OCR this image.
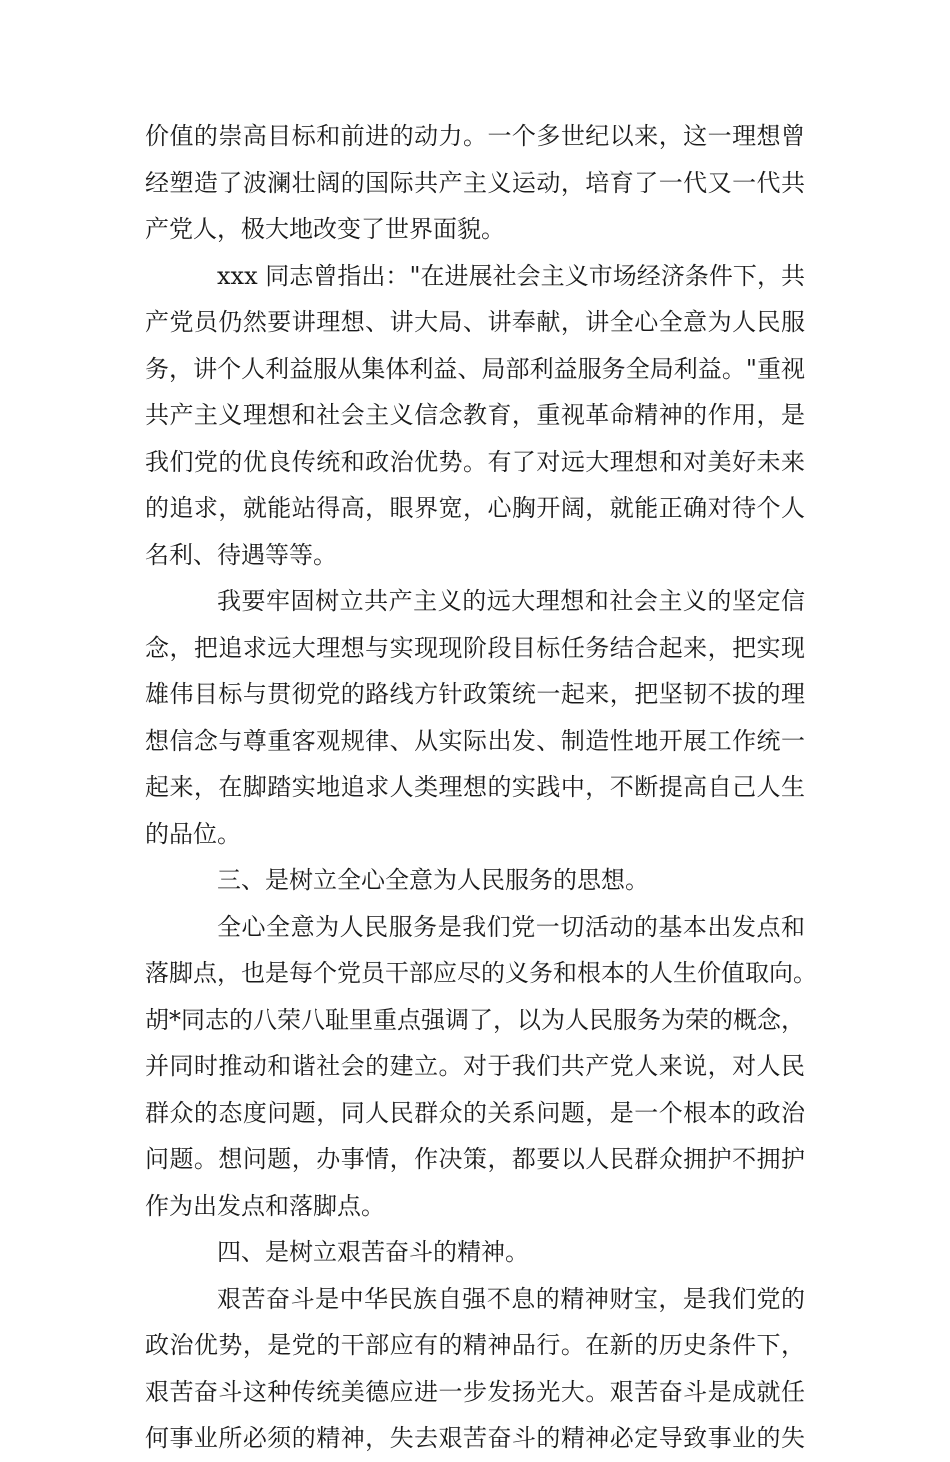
价值的崇高目标和前进的动力。一个多世纪以来，这一理想曾
经塑造了波澜壮阔的国际共产主义运动，培育了一代又一代共
产党人，极大地改变了世界面貌。
xxx 同志曾指出："在进展社会主义市场经济条件下，共
产党员仍然要讲理想、讲大局、讲奉献，讲全心全意为人民服
务，讲个人利益服从集体利益、局部利益服务全局利益。"重视
共产主义理想和社会主义信念教育，重视革命精神的作用，是
我们党的优良传统和政治优势。有了对远大理想和对美好未来
的追求，就能站得高，眼界宽，心胸开阔，就能正确对待个人
名利、待遇等等。
我要牢固树立共产主义的远大理想和社会主义的坚定信
念，把追求远大理想与实现现阶段目标任务结合起来，把实现
雄伟目标与贯彻党的路线方针政策统一起来，把坚韧不拔的理
想信念与尊重客观规律、从实际出发、制造性地开展工作统一
起来，在脚踏实地追求人类理想的实践中，不断提高自己人生
的品位。
三、是树立全心全意为人民服务的思想。
全心全意为人民服务是我们党一切活动的基本出发点和
落脚点，也是每个党员干部应尽的义务和根本的人生价值取向。
胡*同志的八荣八耻里重点强调了，以为人民服务为荣的概念，
并同时推动和谐社会的建立。对于我们共产党人来说，对人民
群众的态度问题，同人民群众的关系问题，是一个根本的政治
问题。想问题，办事情，作决策，都要以人民群众拥护不拥护
作为出发点和落脚点。
四、是树立艰苦奋斗的精神。
艰苦奋斗是中华民族自强不息的精神财宝，是我们党的
政治优势，是党的干部应有的精神品行。在新的历史条件下，
艰苦奋斗这种传统美德应进一步发扬光大。艰苦奋斗是成就任
何事业所必须的精神，失去艰苦奋斗的精神必定导致事业的失
